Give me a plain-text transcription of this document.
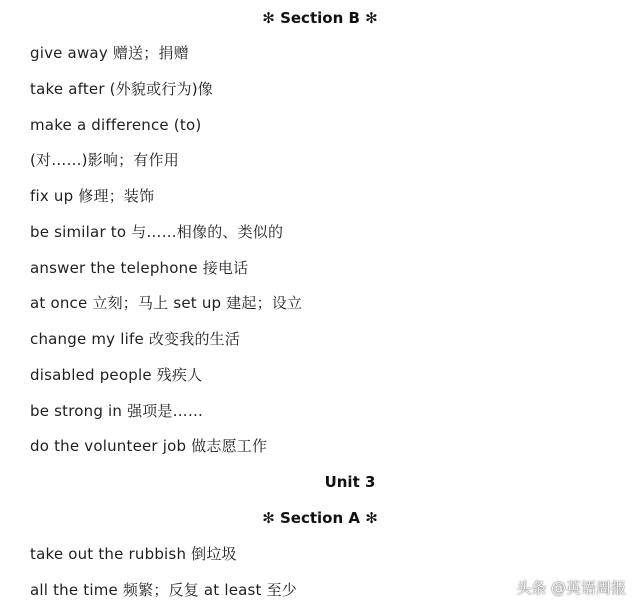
✻ Section B ✻
give away 赠送；捐赠
take after (外貌或行为)像
make a difference (to)
(对……)影响；有作用
fix up 修理；装饰
be similar to 与……相像的、类似的
answer the telephone 接电话
at once 立刻；马上 set up 建起；设立
change my life 改变我的生活
disabled people 残疾人
be strong in 强项是……
do the volunteer job 做志愿工作
Unit 3
✻ Section A ✻
take out the rubbish 倒垃圾
all the time 频繁；反复 at least 至少	头条 @英语周报
